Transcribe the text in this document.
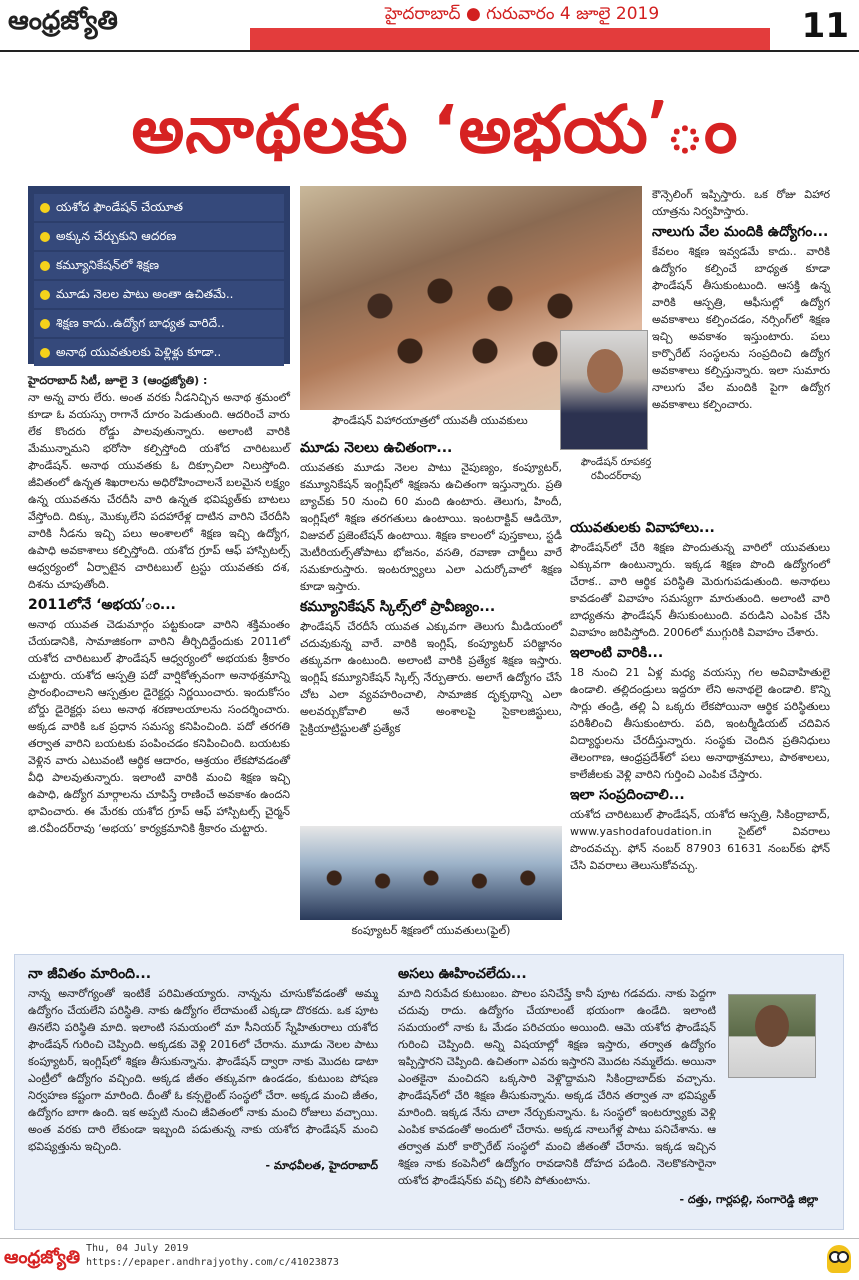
ఆంధ్రజ్యోతి	హైదరాబాద్ ● గురువారం 4 జూలై 2019	11
అనాథలకు ‘అభయ’ం
యశోద ఫౌండేషన్ చేయూత
అక్కున చేర్చుకుని ఆదరణ
కమ్యూనికేషన్‌లో శిక్షణ
మూడు నెలల పాటు అంతా ఉచితమే..
శిక్షణ కాదు..ఉద్యోగ బాధ్యత వారిదే..
అనాథ యువతులకు పెళ్లిళ్లు కూడా..
హైదరాబాద్ సిటీ, జూలై 3 (ఆంధ్రజ్యోతి) :
నా అన్న వారు లేరు. అంత వరకు నీడనిచ్చిన అనాథ శ్రమంలో కూడా ఓ వయస్సు రాగానే దూరం పెడుతుంది. ఆదరించే వారు లేక కొందరు రోడ్డు పాలవుతున్నారు. అలాంటి వారికి మేమున్నామని భరోసా కల్పిస్తోంది యశోద చారిటబుల్ ఫౌండేషన్. అనాథ యువతకు ఓ దిక్సూచిలా నిలుస్తోంది. జీవితంలో ఉన్నత శిఖరాలను అధిరోహించాలనే బలమైన లక్ష్యం ఉన్న యువతను చేరదీసి వారి ఉన్నత భవిష్యత్‌కు బాటలు వేస్తోంది. దిక్కు, మొక్కులేని పదహారేళ్ల దాటిన వారిని చేరదీసి వారికి నీడను ఇచ్చి పలు అంశాలలో శిక్షణ ఇచ్చి ఉద్యోగ, ఉపాధి అవకాశాలు కల్పిస్తోంది. యశోద గ్రూప్ ఆఫ్ హాస్పిటల్స్ ఆధ్వర్యంలో ఏర్పాటైన చారిటబుల్ ట్రస్టు యువతకు దశ, దిశను చూపుతోంది.
2011లోనే ‘అభయ’ం...
అనాథ యువత చెడుమార్గం పట్టకుండా వారిని శక్తిమంతం చేయడానికి, సామాజికంగా వారిని తీర్చిదిద్దేందుకు 2011లో యశోద చారిటబుల్ ఫౌండేషన్ ఆధ్వర్యంలో అభయకు శ్రీకారం చుట్టారు. యశోద ఆస్పత్రి పదో వార్షికోత్సవంగా అనాథశ్రమాన్ని ప్రారంభించాలని ఆస్పత్రుల డైరెక్టర్లు నిర్ణయించారు. ఇందుకోసం బోర్డు డైరెక్టర్లు పలు అనాథ శరణాలయాలను సందర్శించారు. అక్కడ వారికి ఒక ప్రధాన సమస్య కనిపించింది. పదో తరగతి తర్వాత వారిని బయటకు పంపించడం కనిపించింది. బయటకు వెళ్లిన వారు ఎటువంటి ఆర్థిక ఆదారం, ఆశ్రయం లేకపోవడంతో వీధి పాలవుతున్నారు. ఇలాంటి వారికి మంచి శిక్షణ ఇచ్చి ఉపాధి, ఉద్యోగ మార్గాలను చూపిస్తే రాణించే అవకాశం ఉందని భావించారు. ఈ మేరకు యశోద గ్రూప్ ఆఫ్ హాస్పిటల్స్ చైర్మన్ జి.రవీందర్‌రావు ‘అభయ’ కార్యక్రమానికి శ్రీకారం చుట్టారు.
ఫౌండేషన్ విహారయాత్రలో యువతీ యువకులు
ఫౌండేషన్ రూపకర్త రవీందర్‌రావు
మూడు నెలలు ఉచితంగా...
యువతకు మూడు నెలల పాటు నైపుణ్యం, కంప్యూటర్, కమ్యూనికేషన్ ఇంగ్లిష్‌లో శిక్షణను ఉచితంగా ఇస్తున్నారు. ప్రతి బ్యాచ్‌కు 50 నుంచి 60 మంది ఉంటారు. తెలుగు, హిందీ, ఇంగ్లిష్‌లో శిక్షణ తరగతులు ఉంటాయి. ఇంటరాక్టివ్ ఆడియో, విజువల్ ప్రజెంటేషన్ ఉంటాయి. శిక్షణ కాలంలో పుస్తకాలు, స్టడీ మెటీరియల్స్‌తోపాటు భోజనం, వసతి, రవాణా చార్జీలు వారే సమకూరుస్తారు. ఇంటర్వ్యూలు ఎలా ఎదుర్కోవాలో శిక్షణ కూడా ఇస్తారు.
కమ్యూనికేషన్ స్కిల్స్‌లో ప్రావీణ్యం...
ఫౌండేషన్ చేరదీసే యువత ఎక్కువగా తెలుగు మీడియంలో చదువుకున్న వారే. వారికి ఇంగ్లిష్, కంప్యూటర్ పరిజ్ఞానం తక్కువగా ఉంటుంది. అలాంటి వారికి ప్రత్యేక శిక్షణ ఇస్తారు. ఇంగ్లిష్ కమ్యూనికేషన్ స్కిల్స్ నేర్పుతారు. అలాగే ఉద్యోగం చేసే చోట ఎలా వ్యవహరించాలి, సామాజిక దృక్పథాన్ని ఎలా అలవర్చుకోవాలి అనే అంశాలపై సైకాలజిస్టులు, సైక్రియాట్రిస్టులతో ప్రత్యేక
కంప్యూటర్ శిక్షణలో యువతులు(ఫైల్)
కౌన్సెలింగ్ ఇప్పిస్తారు. ఒక రోజు విహార యాత్రను నిర్వహిస్తారు.
నాలుగు వేల మందికి ఉద్యోగం...
కేవలం శిక్షణ ఇవ్వడమే కాదు.. వారికి ఉద్యోగం కల్పించే బాధ్యత కూడా ఫౌండేషన్ తీసుకుంటుంది. ఆసక్తి ఉన్న వారికి ఆస్పత్రి, ఆఫీసుల్లో ఉద్యోగ అవకాశాలు కల్పించడం, నర్సింగ్‌లో శిక్షణ ఇచ్చి అవకాశం ఇస్తుంటారు. పలు కార్పొరేట్ సంస్థలను సంప్రదించి ఉద్యోగ అవకాశాలు కల్పిస్తున్నారు. ఇలా సుమారు నాలుగు వేల మందికి పైగా ఉద్యోగ అవకాశాలు కల్పించారు.
యువతులకు వివాహాలు...
ఫౌండేషన్‌లో చేరి శిక్షణ పొందుతున్న వారిలో యువతులు ఎక్కువగా ఉంటున్నారు. ఇక్కడ శిక్షణ పొంది ఉద్యోగంలో చేరాక.. వారి ఆర్థిక పరిస్థితి మెరుగుపడుతుంది. అనాథలు కావడంతో వివాహం సమస్యగా మారుతుంది. అలాంటి వారి బాధ్యతను ఫౌండేషన్ తీసుకుంటుంది. వరుడిని ఎంపిక చేసి వివాహం జరిపిస్తోంది. 2006లో ముగ్గురికి వివాహం చేశారు.
ఇలాంటి వారికి...
18 నుంచి 21 ఏళ్ల మధ్య వయస్సు గల అవివాహితులై ఉండాలి. తల్లిదండ్రులు ఇద్దరూ లేని అనాథలై ఉండాలి. కొన్ని సార్లు తండ్రి, తల్లి ఏ ఒక్కరు లేకపోయినా ఆర్థిక పరిస్థితులు పరిశీలించి తీసుకుంటారు. పది, ఇంటర్మీడియట్ చదివిన విద్యార్థులను చేరదీస్తున్నారు. సంస్థకు చెందిన ప్రతినిధులు తెలంగాణ, ఆంధ్రప్రదేశ్‌లో పలు అనాథాశ్రమాలు, పాఠశాలలు, కాలేజీలకు వెళ్లి వారిని గుర్తించి ఎంపిక చేస్తారు.
ఇలా సంప్రదించాలి...
యశోద చారిటబుల్ ఫౌండేషన్, యశోద ఆస్పత్రి, సికింద్రాబాద్, www.yashodafoudation.in సైట్‌లో వివరాలు పొందవచ్చు. ఫోన్ నంబర్ 87903 61631 నంబర్‌కు ఫోన్ చేసి వివరాలు తెలుసుకోవచ్చు.
నా జీవితం మారింది...
నాన్న అనారోగ్యంతో ఇంటికే పరిమితయ్యారు. నాన్నను చూసుకోవడంతో అమ్మ ఉద్యోగం చేయలేని పరిస్థితి. నాకు ఉద్యోగం లేదామంటే ఎక్కడా దొరకదు. ఒక పూట తినలేని పరిస్థితి మాది. ఇలాంటి సమయంలో మా సీనియర్ స్నేహితురాలు యశోద ఫౌండేషన్ గురించి చెప్పింది. అక్కడకు వెళ్లి 2016లో చేరాను. మూడు నెలల పాటు కంప్యూటర్, ఇంగ్లిష్‌లో శిక్షణ తీసుకున్నాను. ఫౌండేషన్ ద్వారా నాకు మొదట డాటా ఎంట్రీలో ఉద్యోగం వచ్చింది. అక్కడ జీతం తక్కువగా ఉండడం, కుటుంబ పోషణ నిర్వహణ కష్టంగా మారింది. దీంతో ఓ కన్సల్టెంట్ సంస్థలో చేరా. అక్కడ మంచి జీతం, ఉద్యోగం బాగా ఉంది. ఇక అప్పటి నుంచి జీవితంలో నాకు మంచి రోజులు వచ్చాయి. అంత వరకు దారి లేకుండా ఇబ్బంది పడుతున్న నాకు యశోద ఫౌండేషన్ మంచి భవిష్యత్తును ఇచ్చింది.
- మాధవీలత, హైదరాబాద్
అసలు ఊహించలేదు...
మాది నిరుపేద కుటుంబం. పొలం పనిచేస్తే కానీ పూట గడవదు. నాకు పెద్దగా చదువు రాదు. ఉద్యోగం చేయాలంటే భయంగా ఉండేది. ఇలాంటి సమయంలో నాకు ఓ మేడం పరిచయం అయింది. ఆమె యశోద ఫౌండేషన్ గురించి చెప్పింది. అన్ని విషయాల్లో శిక్షణ ఇస్తారు, తర్వాత ఉద్యోగం ఇప్పిస్తారని చెప్పింది. ఉచితంగా ఎవరు ఇస్తారని మొదట నమ్మలేదు. అయినా ఎంతకైనా మంచిదని ఒక్కసారి వెళ్లొద్దామని సికింద్రాబాద్‌కు వచ్చాను. ఫౌండేషన్‌లో చేరి శిక్షణ తీసుకున్నాను. అక్కడ చేరిన తర్వాత నా భవిష్యత్ మారింది. ఇక్కడ నేను చాలా నేర్చుకున్నాను. ఓ సంస్థలో ఇంటర్వ్యూకు వెళ్లి ఎంపిక కావడంతో అందులో చేరాను. అక్కడ నాలుగేళ్ల పాటు పనిచేశాను. ఆ తర్వాత మరో కార్పొరేట్ సంస్థలో మంచి జీతంతో చేరాను. ఇక్కడ ఇచ్చిన శిక్షణ నాకు కంపెనీలో ఉద్యోగం రావడానికి దోహద పడింది. నెలకొకసారైనా యశోద ఫౌండేషన్‌కు వచ్చి కలిసి పోతుంటాను.
- దత్తు, గార్లపల్లి, సంగారెడ్డి జిల్లా
ఆంధ్రజ్యోతి Thu, 04 July 2019
https://epaper.andhrajyothy.com/c/41023873
